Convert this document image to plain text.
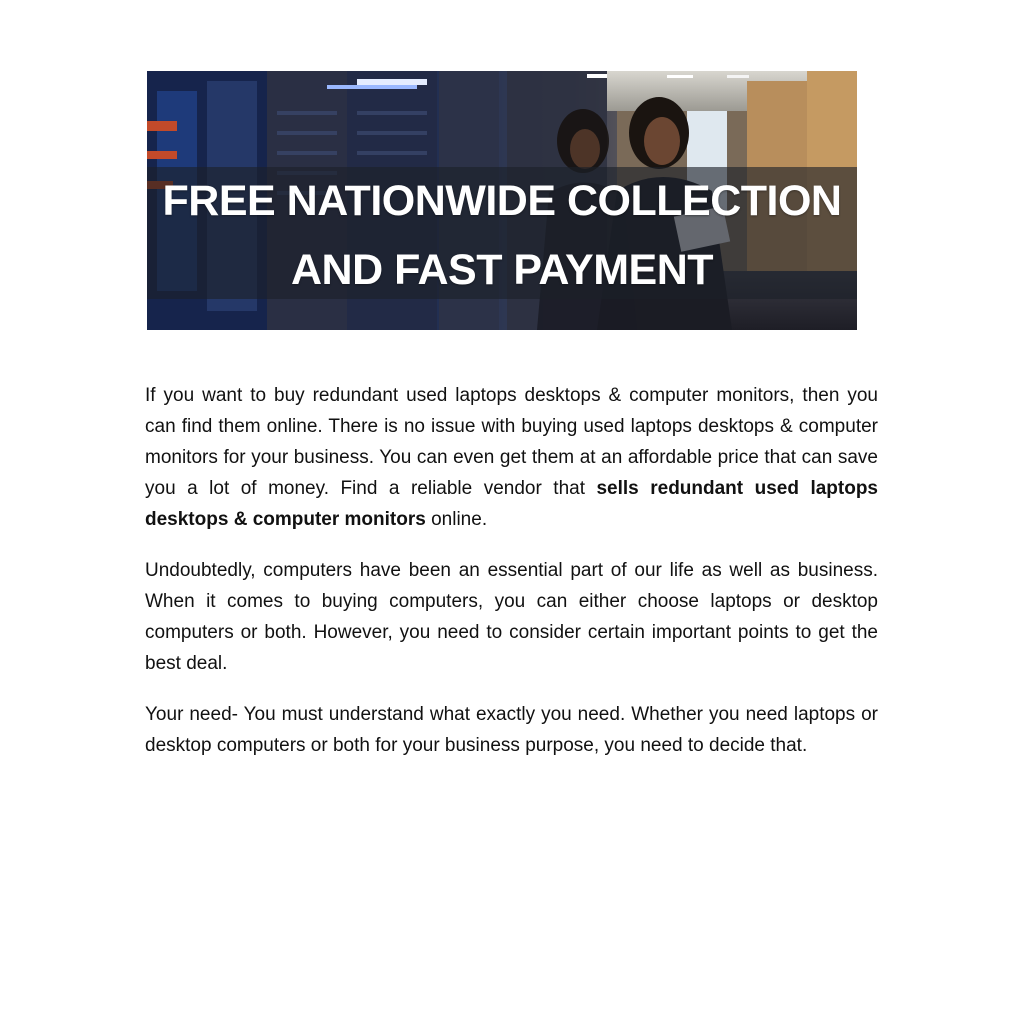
FREE NATIONWIDE COLLECTION
AND FAST PAYMENT

If you want to buy redundant used laptops desktops & computer monitors, then you can find them online. There is no issue with buying used laptops desktops & computer monitors for your business. You can even get them at an affordable price that can save you a lot of money. Find a reliable vendor that sells redundant used laptops desktops & computer monitors online.

Undoubtedly, computers have been an essential part of our life as well as business. When it comes to buying computers, you can either choose laptops or desktop computers or both. However, you need to consider certain important points to get the best deal.

Your need- You must understand what exactly you need. Whether you need laptops or desktop computers or both for your business purpose, you need to decide that.
